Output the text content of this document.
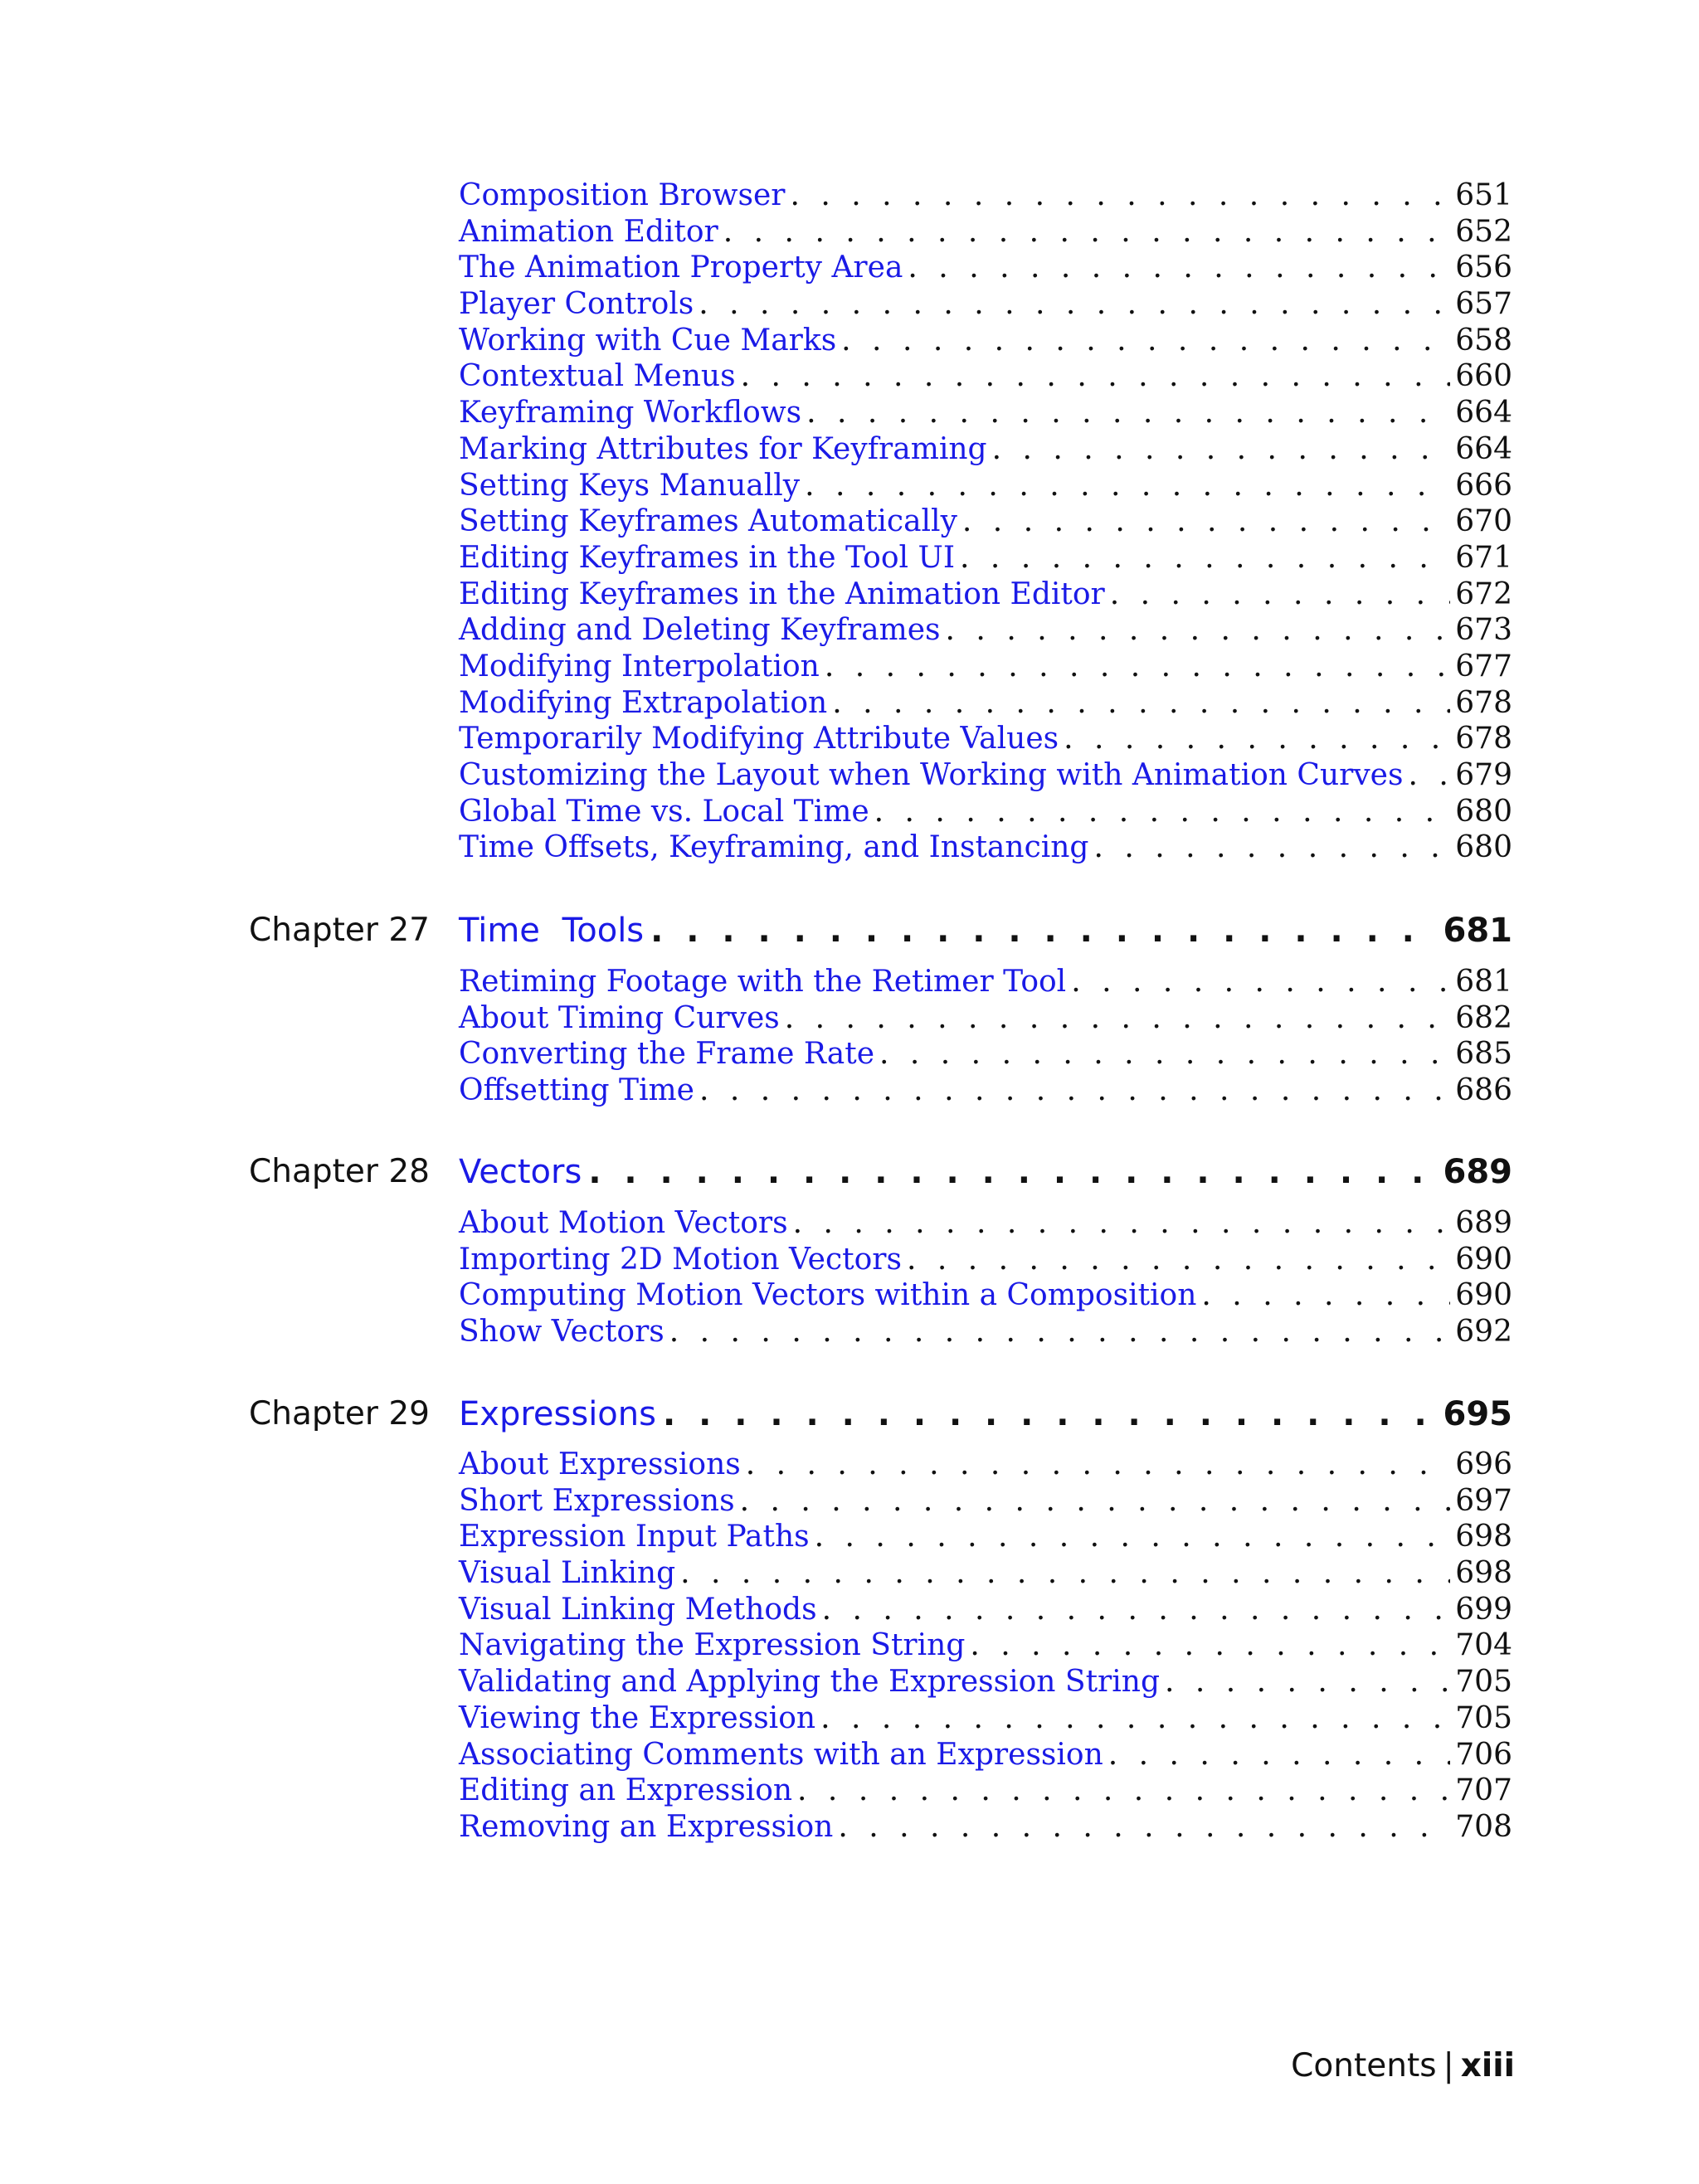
Composition Browser . . .	651
Animation Editor . . .	652
The Animation Property Area . . .	656
Player Controls . . .	657
Working with Cue Marks . . .	658
Contextual Menus . . .	660
Keyframing Workflows . . .	664
Marking Attributes for Keyframing . . .	664
Setting Keys Manually . . .	666
Setting Keyframes Automatically . . .	670
Editing Keyframes in the Tool UI . . .	671
Editing Keyframes in the Animation Editor . . .	672
Adding and Deleting Keyframes . . .	673
Modifying Interpolation . . .	677
Modifying Extrapolation . . .	678
Temporarily Modifying Attribute Values . . .	678
Customizing the Layout when Working with Animation Curves . . . 679
Global Time vs. Local Time . . .	680
Time Offsets, Keyframing, and Instancing . . .	680
Chapter 27 Time Tools . . .	681
Retiming Footage with the Retimer Tool . . .	681
About Timing Curves . . .	682
Converting the Frame Rate . . .	685
Offsetting Time . . .	686
Chapter 28 Vectors . . .	689
About Motion Vectors . . .	689
Importing 2D Motion Vectors . . .	690
Computing Motion Vectors within a Composition . . .	690
Show Vectors . . .	692
Chapter 29 Expressions . . .	695
About Expressions . . .	696
Short Expressions . . .	697
Expression Input Paths . . .	698
Visual Linking . . .	698
Visual Linking Methods . . .	699
Navigating the Expression String . . .	704
Validating and Applying the Expression String . . .	705
Viewing the Expression . . .	705
Associating Comments with an Expression . . .	706
Editing an Expression . . .	707
Removing an Expression . . .	708
Contents | xiii
